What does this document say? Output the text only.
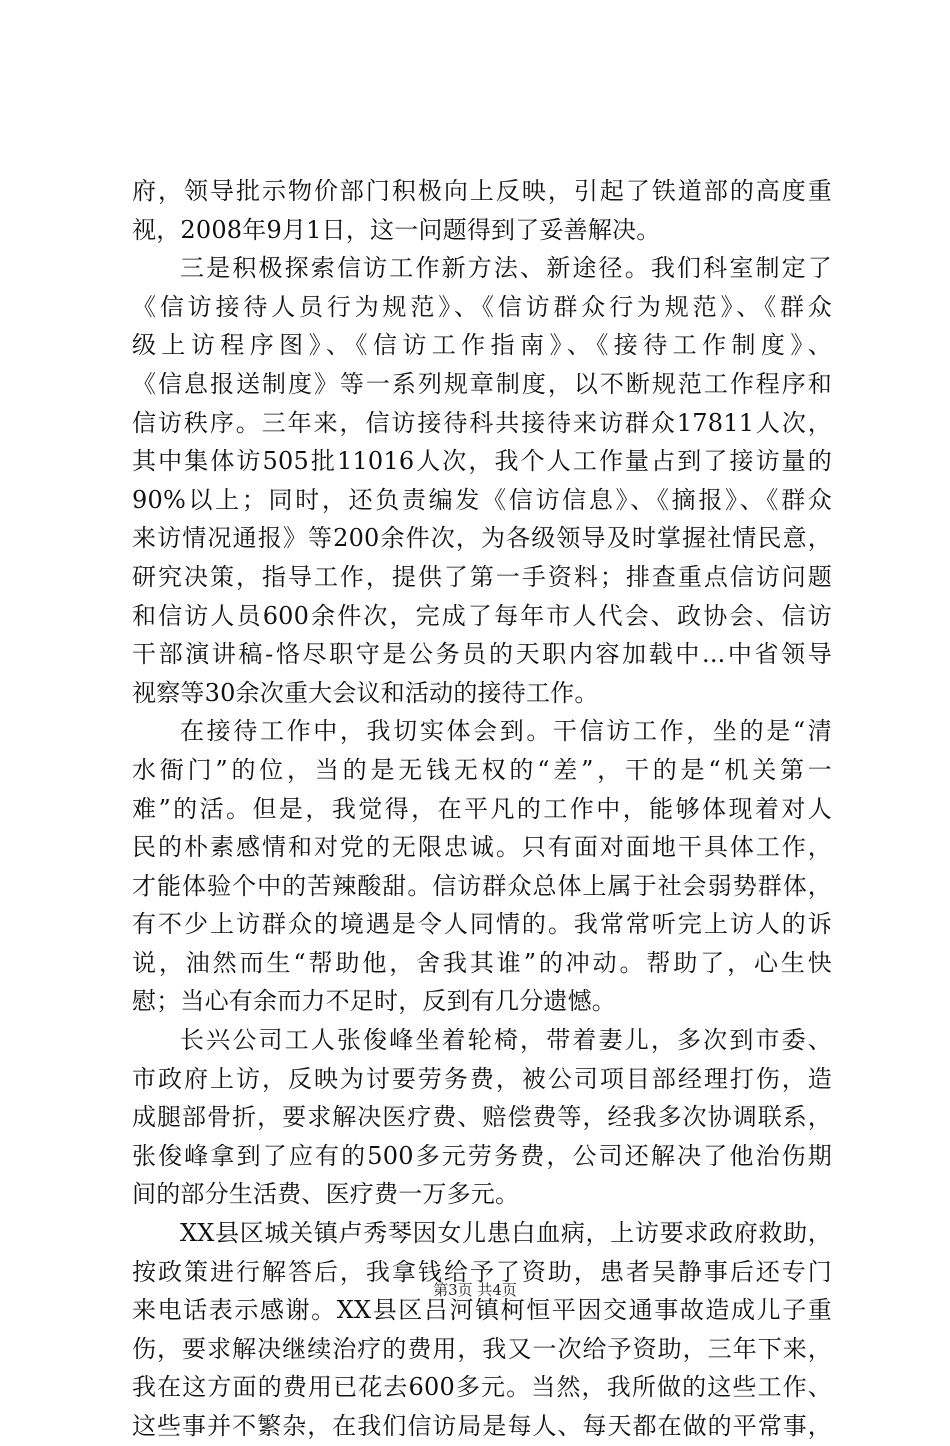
府，领导批示物价部门积极向上反映，引起了铁道部的高度重
视，2008年9月1日，这一问题得到了妥善解决。
三是积极探索信访工作新方法、新途径。我们科室制定了
《信访接待人员行为规范》、《信访群众行为规范》、《群众
级上访程序图》、《信访工作指南》、《接待工作制度》、
《信息报送制度》等一系列规章制度，以不断规范工作程序和
信访秩序。三年来，信访接待科共接待来访群众17811人次，
其中集体访505批11016人次，我个人工作量占到了接访量的
90%以上；同时，还负责编发《信访信息》、《摘报》、《群众
来访情况通报》等200余件次，为各级领导及时掌握社情民意，
研究决策，指导工作，提供了第一手资料；排查重点信访问题
和信访人员600余件次，完成了每年市人代会、政协会、信访
干部演讲稿-恪尽职守是公务员的天职内容加载中...中省领导
视察等30余次重大会议和活动的接待工作。
在接待工作中，我切实体会到。干信访工作，坐的是“清
水衙门”的位，当的是无钱无权的“差”，干的是“机关第一
难”的活。但是，我觉得，在平凡的工作中，能够体现着对人
民的朴素感情和对党的无限忠诚。只有面对面地干具体工作，
才能体验个中的苦辣酸甜。信访群众总体上属于社会弱势群体，
有不少上访群众的境遇是令人同情的。我常常听完上访人的诉
说，油然而生“帮助他，舍我其谁”的冲动。帮助了，心生快
慰；当心有余而力不足时，反到有几分遗憾。
长兴公司工人张俊峰坐着轮椅，带着妻儿，多次到市委、
市政府上访，反映为讨要劳务费，被公司项目部经理打伤，造
成腿部骨折，要求解决医疗费、赔偿费等，经我多次协调联系，
张俊峰拿到了应有的500多元劳务费，公司还解决了他治伤期
间的部分生活费、医疗费一万多元。
XX县区城关镇卢秀琴因女儿患白血病，上访要求政府救助，
按政策进行解答后，我拿钱给予了资助，患者吴静事后还专门
来电话表示感谢。XX县区吕河镇柯恒平因交通事故造成儿子重
伤，要求解决继续治疗的费用，我又一次给予资助，三年下来，
我在这方面的费用已花去600多元。当然，我所做的这些工作、
这些事并不繁杂，在我们信访局是每人、每天都在做的平常事，
第3页 共4页
